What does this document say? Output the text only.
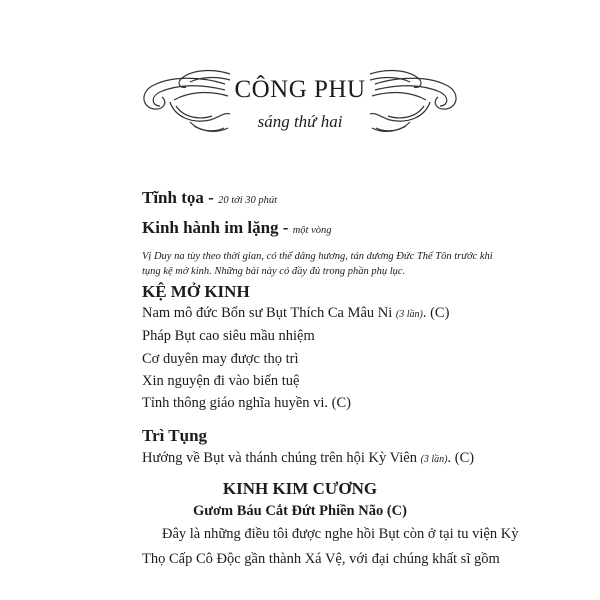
CÔNG PHU
sáng thứ hai
Tĩnh tọa - 20 tới 30 phút
Kinh hành im lặng - một vòng
Vị Duy na tùy theo thời gian, có thể dâng hương, tán dương Đức Thế Tôn trước khi
tụng kệ mở kinh. Những bài này có đầy đủ trong phần phụ lục.
KỆ MỞ KINH
Nam mô đức Bổn sư Bụt Thích Ca Mâu Ni (3 lần). (C)
Pháp Bụt cao siêu mầu nhiệm
Cơ duyên may được thọ trì
Xin nguyện đi vào biển tuệ
Tỉnh thông giáo nghĩa huyền vi. (C)
Trì Tụng
Hướng về Bụt và thánh chúng trên hội Kỳ Viên (3 lần). (C)
KINH KIM CƯƠNG
Gươm Báu Cắt Đứt Phiền Não (C)
Đây là những điều tôi được nghe hồi Bụt còn ở tại tu viện Kỳ
Thọ Cấp Cô Độc gần thành Xá Vệ, với đại chúng khất sĩ gồm
